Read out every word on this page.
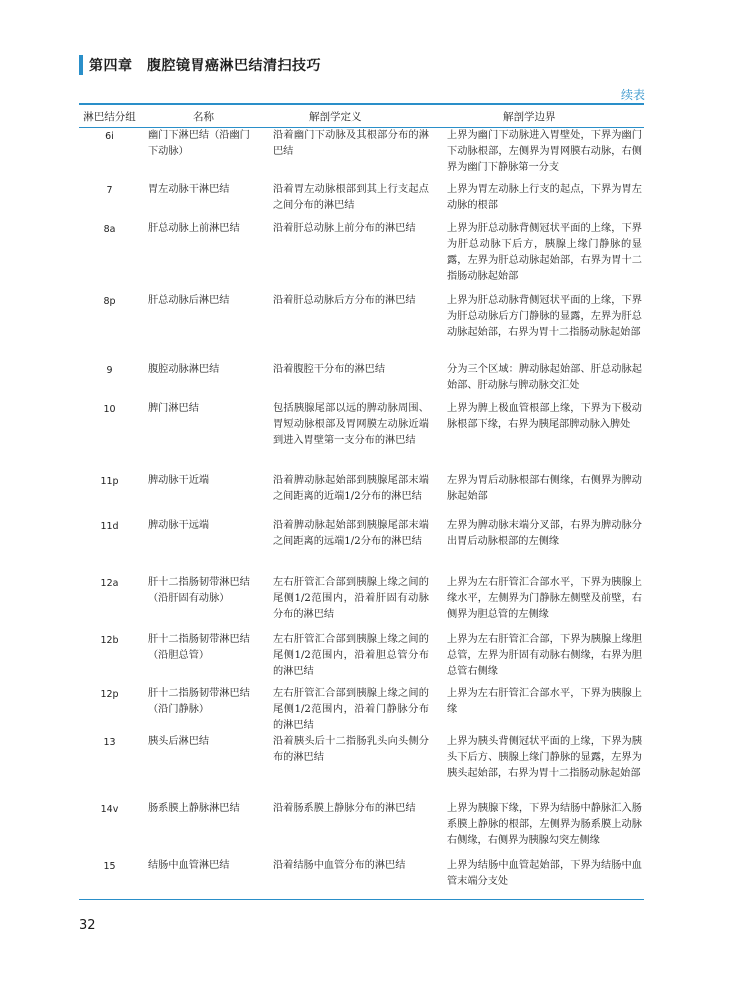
第四章　腹腔镜胃癌淋巴结清扫技巧
续表
淋巴结分组	名称	解剖学定义	解剖学边界
6i	幽门下淋巴结（沿幽门下动脉）	沿着幽门下动脉及其根部分布的淋巴结	上界为幽门下动脉进入胃壁处，下界为幽门下动脉根部，左侧界为胃网膜右动脉，右侧界为幽门下静脉第一分支
7	胃左动脉干淋巴结	沿着胃左动脉根部到其上行支起点之间分布的淋巴结	上界为胃左动脉上行支的起点，下界为胃左动脉的根部
8a	肝总动脉上前淋巴结	沿着肝总动脉上前分布的淋巴结	上界为肝总动脉背侧冠状平面的上缘，下界为肝总动脉下后方，胰腺上缘门静脉的显露，左界为肝总动脉起始部，右界为胃十二指肠动脉起始部
8p	肝总动脉后淋巴结	沿着肝总动脉后方分布的淋巴结	上界为肝总动脉背侧冠状平面的上缘，下界为肝总动脉后方门静脉的显露，左界为肝总动脉起始部，右界为胃十二指肠动脉起始部
9	腹腔动脉淋巴结	沿着腹腔干分布的淋巴结	分为三个区域：脾动脉起始部、肝总动脉起始部、肝动脉与脾动脉交汇处
10	脾门淋巴结	包括胰腺尾部以远的脾动脉周围、胃短动脉根部及胃网膜左动脉近端到进入胃壁第一支分布的淋巴结	上界为脾上极血管根部上缘，下界为下极动脉根部下缘，右界为胰尾部脾动脉入脾处
11p	脾动脉干近端	沿着脾动脉起始部到胰腺尾部末端之间距离的近端1/2分布的淋巴结	左界为胃后动脉根部右侧缘，右侧界为脾动脉起始部
11d	脾动脉干远端	沿着脾动脉起始部到胰腺尾部末端之间距离的远端1/2分布的淋巴结	左界为脾动脉末端分叉部，右界为脾动脉分出胃后动脉根部的左侧缘
12a	肝十二指肠韧带淋巴结（沿肝固有动脉）	左右肝管汇合部到胰腺上缘之间的尾侧1/2范围内，沿着肝固有动脉分布的淋巴结	上界为左右肝管汇合部水平，下界为胰腺上缘水平，左侧界为门静脉左侧壁及前壁，右侧界为胆总管的左侧缘
12b	肝十二指肠韧带淋巴结（沿胆总管）	左右肝管汇合部到胰腺上缘之间的尾侧1/2范围内，沿着胆总管分布的淋巴结	上界为左右肝管汇合部，下界为胰腺上缘胆总管，左界为肝固有动脉右侧缘，右界为胆总管右侧缘
12p	肝十二指肠韧带淋巴结（沿门静脉）	左右肝管汇合部到胰腺上缘之间的尾侧1/2范围内，沿着门静脉分布的淋巴结	上界为左右肝管汇合部水平，下界为胰腺上缘
13	胰头后淋巴结	沿着胰头后十二指肠乳头向头侧分布的淋巴结	上界为胰头背侧冠状平面的上缘，下界为胰头下后方、胰腺上缘门静脉的显露，左界为胰头起始部，右界为胃十二指肠动脉起始部
14v	肠系膜上静脉淋巴结	沿着肠系膜上静脉分布的淋巴结	上界为胰腺下缘，下界为结肠中静脉汇入肠系膜上静脉的根部，左侧界为肠系膜上动脉右侧缘，右侧界为胰腺勾突左侧缘
15	结肠中血管淋巴结	沿着结肠中血管分布的淋巴结	上界为结肠中血管起始部，下界为结肠中血管末端分支处
32
